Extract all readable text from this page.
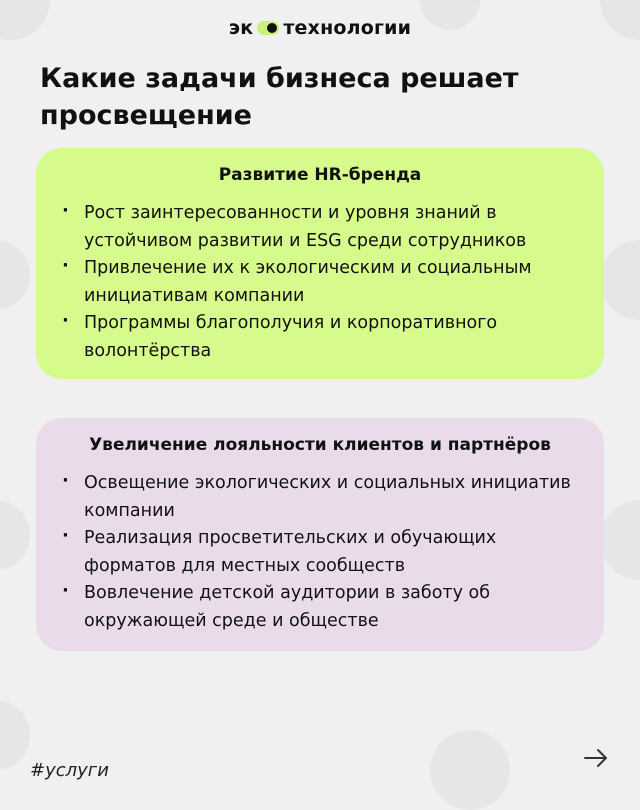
эк технологии
Какие задачи бизнеса решает просвещение
Развитие HR-бренда
· Рост заинтересованности и уровня знаний в устойчивом развитии и ESG среди сотрудников
· Привлечение их к экологическим и социальным инициативам компании
· Программы благополучия и корпоративного волонтёрства
Увеличение лояльности клиентов и партнёров
· Освещение экологических и социальных инициатив компании
· Реализация просветительских и обучающих форматов для местных сообществ
· Вовлечение детской аудитории в заботу об окружающей среде и обществе
#услуги
